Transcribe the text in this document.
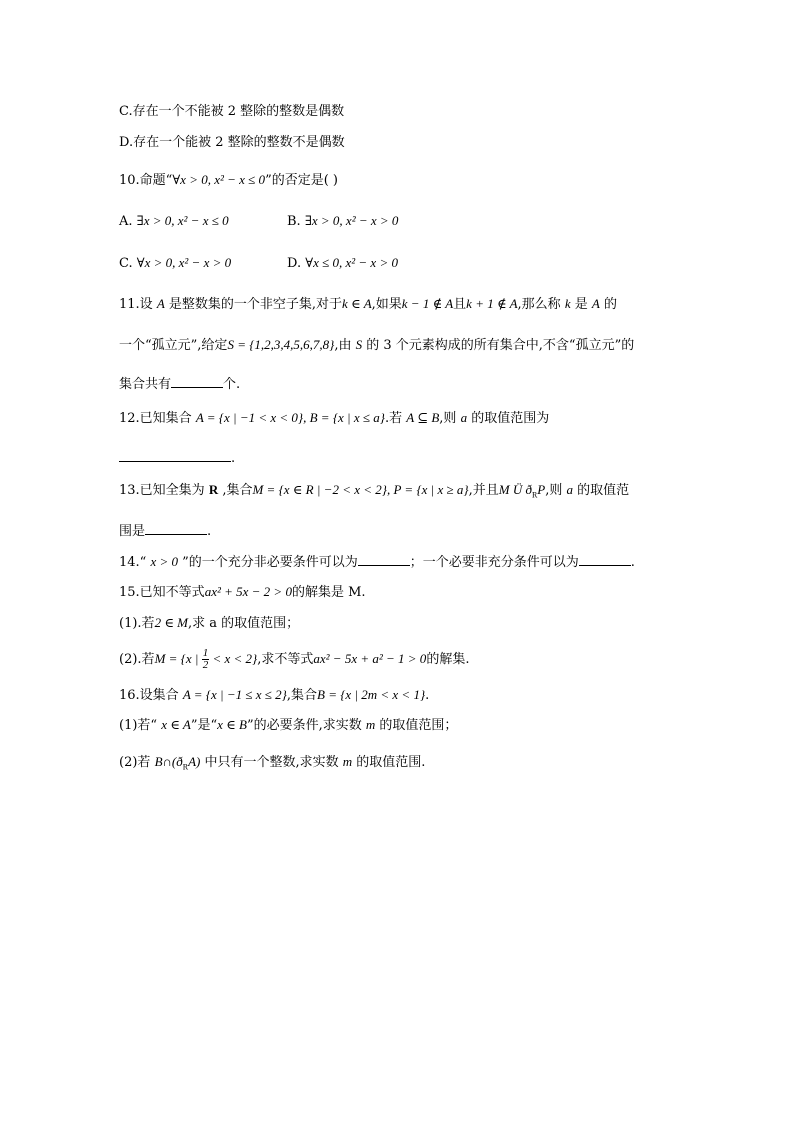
C.存在一个不能被 2 整除的整数是偶数
D.存在一个能被 2 整除的整数不是偶数
10.命题“∀x > 0, x² − x ≤ 0”的否定是( )
A. ∃x > 0, x² − x ≤ 0	B. ∃x > 0, x² − x > 0
C. ∀x > 0, x² − x > 0	D. ∀x ≤ 0, x² − x > 0
11.设 A 是整数集的一个非空子集,对于k ∈ A,如果k − 1 ∉ A且k + 1 ∉ A,那么称 k 是 A 的
一个“孤立元”,给定S = {1,2,3,4,5,6,7,8},由 S 的 3 个元素构成的所有集合中,不含“孤立元”的
集合共有	个.
12.已知集合 A = {x | −1 < x < 0}, B = {x | x ≤ a}.若 A ⊆ B,则 a 的取值范围为
.
13.已知全集为 R ,集合M = {x ∈ R | −2 < x < 2}, P = {x | x ≥ a},并且M Ü $ð_RP$,则 a 的取值范
围是	.
14.“ x > 0 ”的一个充分非必要条件可以为	；一个必要非充分条件可以为	.
15.已知不等式ax² + 5x − 2 > 0的解集是 M.
(1).若2 ∈ M,求 a 的取值范围；
(2).若M = {x | $\frac{1}{2} < x < 2$},求不等式ax² − 5x + a² − 1 > 0的解集.
16.设集合 A = {x | −1 ≤ x ≤ 2},集合B = {x | 2m < x < 1}.
(1)若“ x ∈ A”是“x ∈ B”的必要条件,求实数 m 的取值范围；
(2)若 $B\cap(ð_RA)$ 中只有一个整数,求实数 m 的取值范围.
